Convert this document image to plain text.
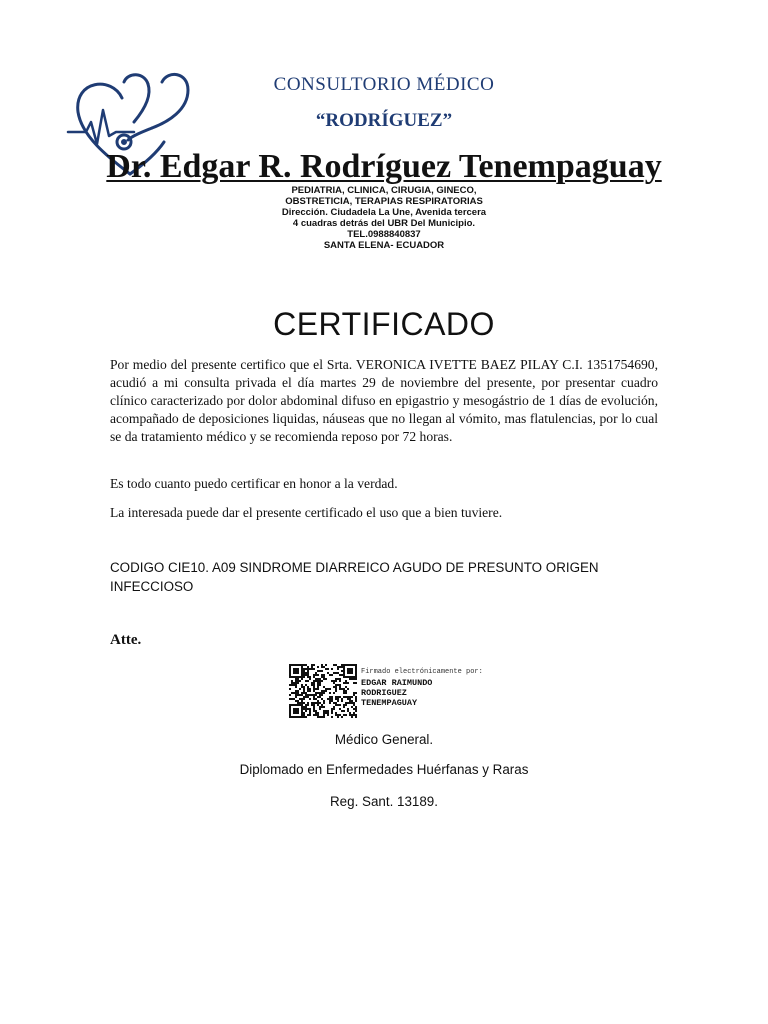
CONSULTORIO MÉDICO
“RODRÍGUEZ”
Dr. Edgar R. Rodríguez Tenempaguay
PEDIATRIA, CLINICA, CIRUGIA, GINECO,
OBSTRETICIA, TERAPIAS RESPIRATORIAS
Dirección. Ciudadela La Une, Avenida tercera
4 cuadras detrás del UBR Del Municipio.
TEL.0988840837
SANTA ELENA- ECUADOR
CERTIFICADO
Por medio del presente certifico que el Srta. VERONICA IVETTE BAEZ PILAY C.I. 1351754690, acudió a mi consulta privada el día martes 29 de noviembre del presente, por presentar cuadro clínico caracterizado por dolor abdominal difuso en epigastrio y mesogástrio de 1 días de evolución, acompañado de deposiciones liquidas, náuseas que no llegan al vómito, mas flatulencias, por lo cual se da tratamiento médico y se recomienda reposo por 72 horas.
Es todo cuanto puedo certificar en honor a la verdad.
La interesada puede dar el presente certificado el uso que a bien tuviere.
CODIGO CIE10. A09 SINDROME DIARREICO AGUDO DE PRESUNTO ORIGEN INFECCIOSO
Atte.
Firmado electrónicamente por:
EDGAR RAIMUNDO
RODRIGUEZ
TENEMPAGUAY
Médico General.
Diplomado en Enfermedades Huérfanas y Raras
Reg. Sant. 13189.
